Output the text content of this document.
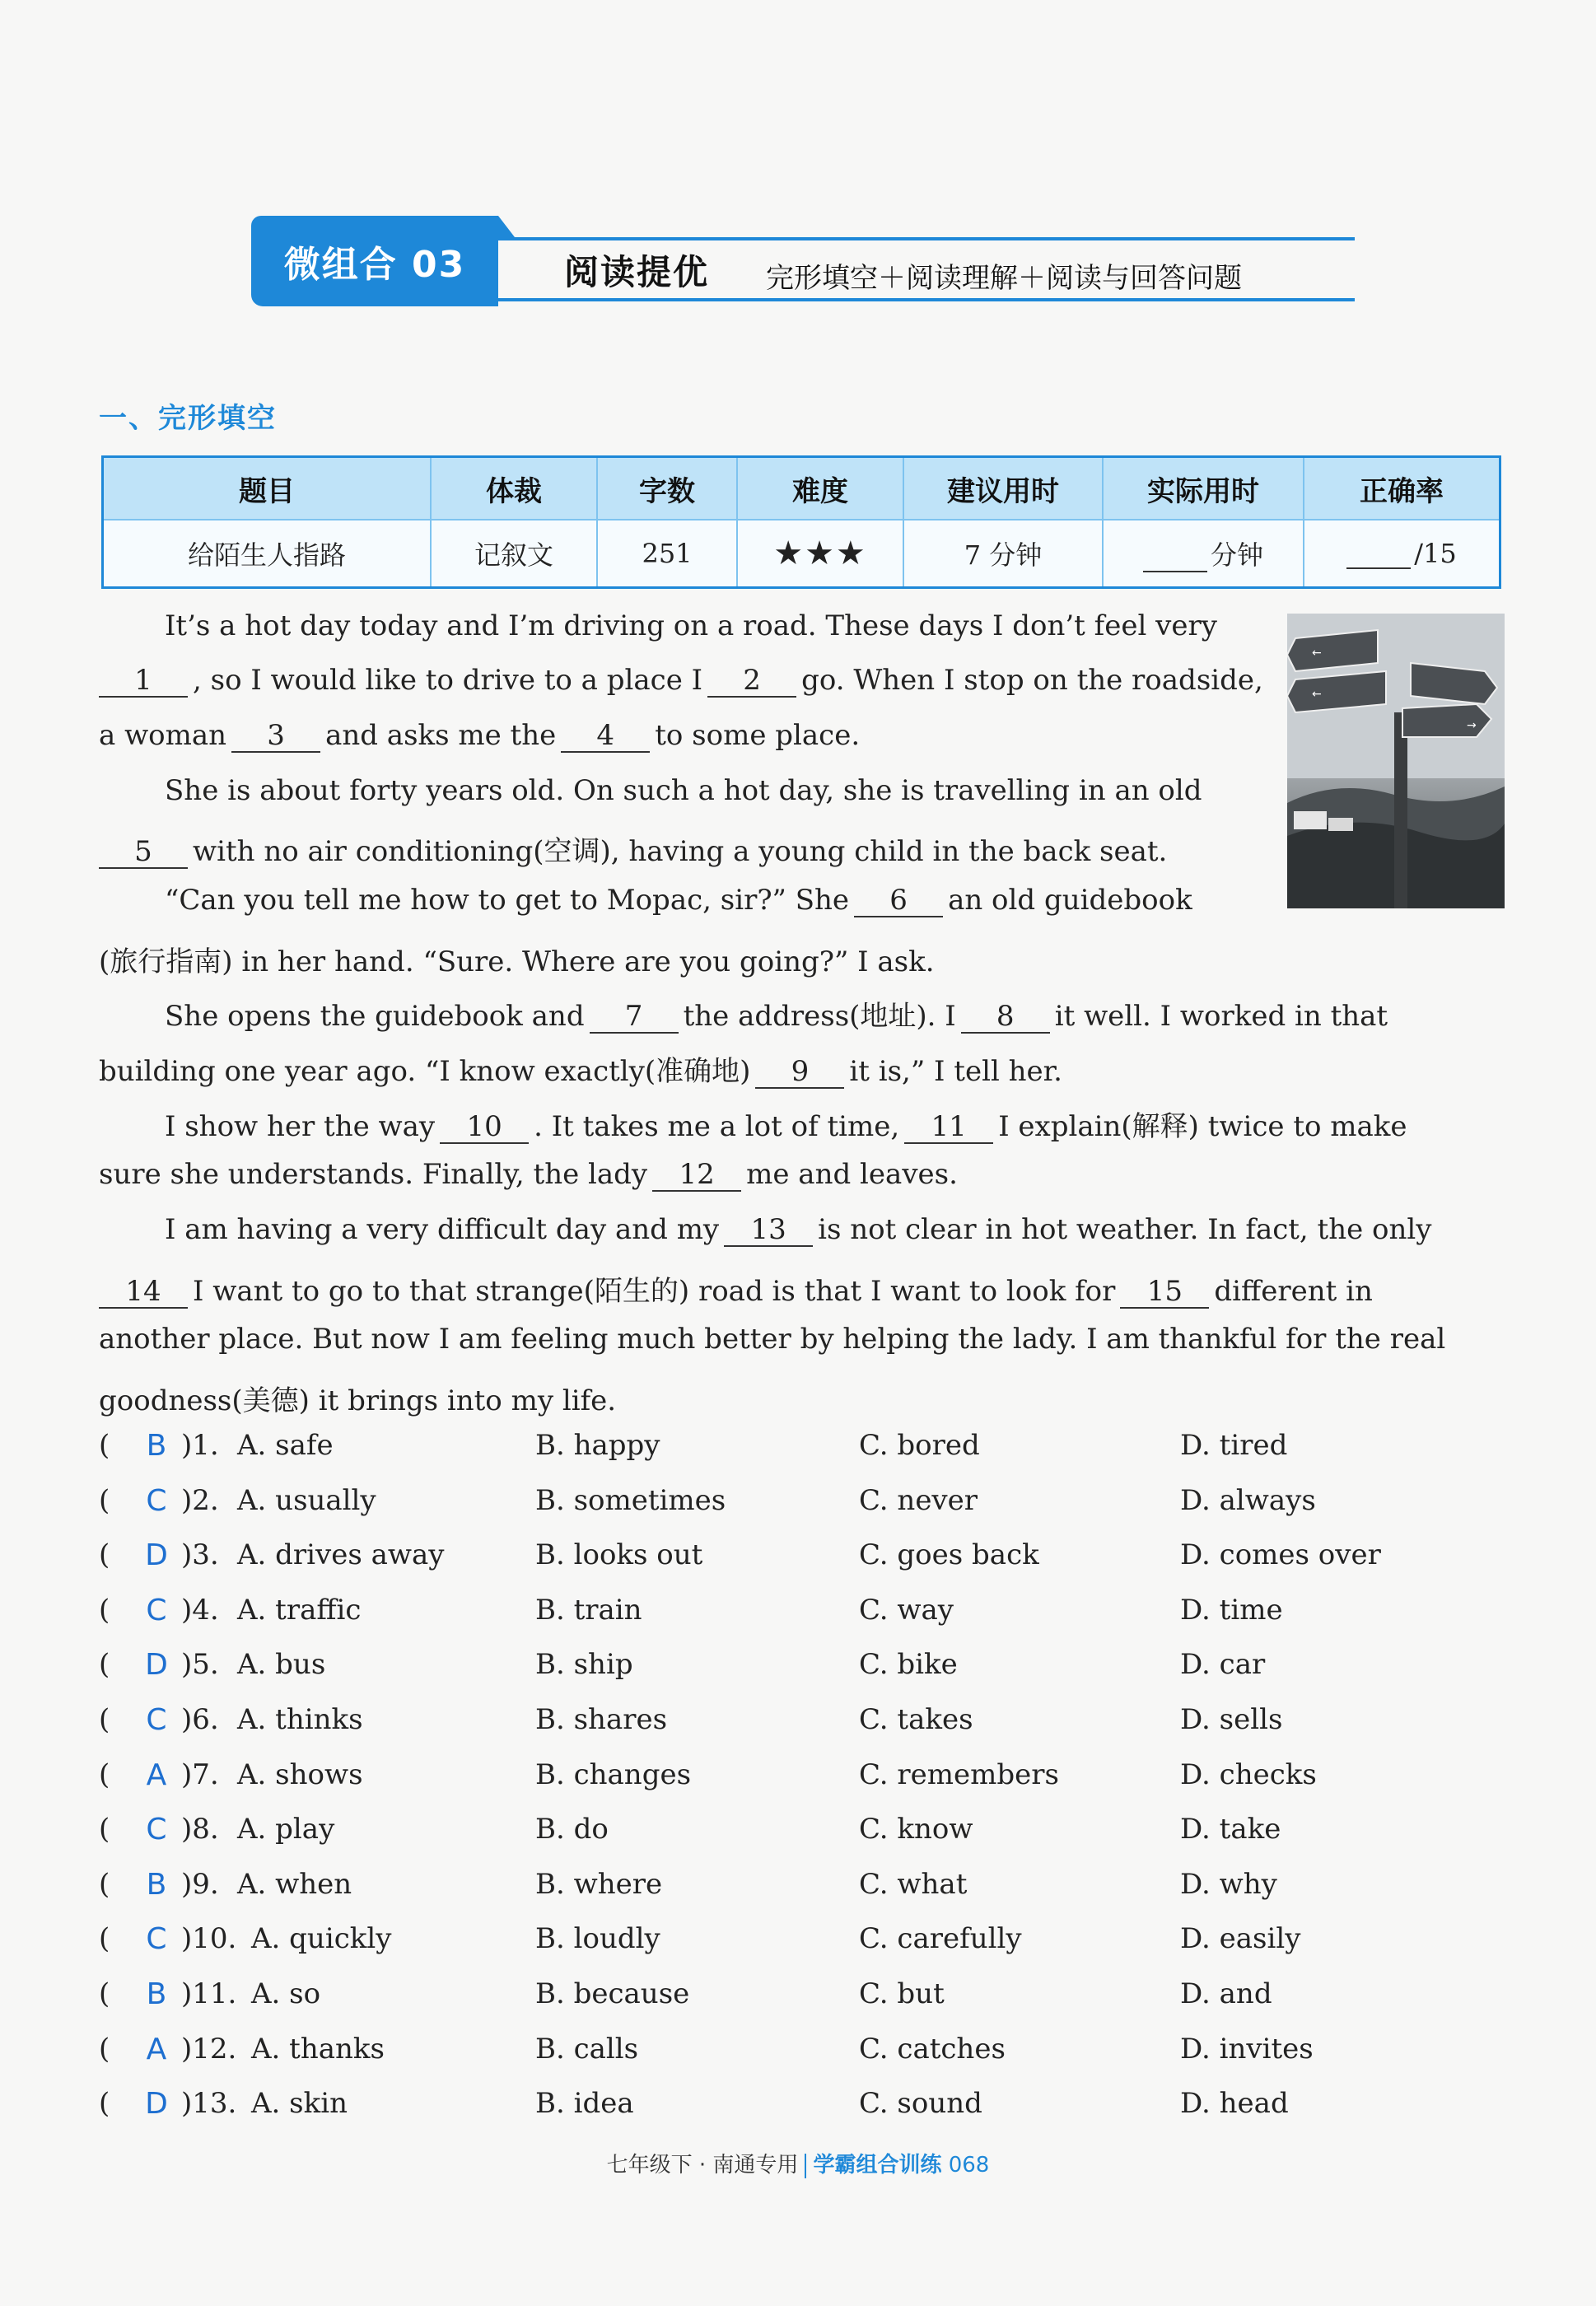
微组合 03	阅读提优 完形填空＋阅读理解＋阅读与回答问题
一、完形填空
题目	体裁	字数	难度	建议用时	实际用时	正确率
给陌生人指路	记叙文	251	★★★	7 分钟	分钟	/15
←
←
→
It’s a hot day today and I’m driving on a road. These days I don’t feel very
1 , so I would like to drive to a place I 2 go. When I stop on the roadside,
a woman 3 and asks me the 4 to some place.
She is about forty years old. On such a hot day, she is travelling in an old
5 with no air conditioning(空调), having a young child in the back seat.
“Can you tell me how to get to Mopac, sir?” She 6 an old guidebook
(旅行指南) in her hand. “Sure. Where are you going?” I ask.
She opens the guidebook and 7 the address(地址). I 8 it well. I worked in that
building one year ago. “I know exactly(准确地) 9 it is,” I tell her.
I show her the way 10 . It takes me a lot of time, 11 I explain(解释) twice to make
sure she understands. Finally, the lady 12 me and leaves.
I am having a very difficult day and my 13 is not clear in hot weather. In fact, the only
14 I want to go to that strange(陌生的) road is that I want to look for 15 different in
another place. But now I am feeling much better by helping the lady. I am thankful for the real
goodness(美德) it brings into my life.
(	B )1. A. safe	B. happy	C. bored	D. tired
(	C )2. A. usually	B. sometimes	C. never	D. always
(	D )3. A. drives away	B. looks out	C. goes back	D. comes over
(	C )4. A. traffic	B. train	C. way	D. time
(	D )5. A. bus	B. ship	C. bike	D. car
(	C )6. A. thinks	B. shares	C. takes	D. sells
(	A )7. A. shows	B. changes	C. remembers	D. checks
(	C )8. A. play	B. do	C. know	D. take
(	B )9. A. when	B. where	C. what	D. why
(	C )10. A. quickly	B. loudly	C. carefully	D. easily
(	B )11. A. so	B. because	C. but	D. and
(	A )12. A. thanks	B. calls	C. catches	D. invites
(	D )13. A. skin	B. idea	C. sound	D. head
七年级下 · 南通专用 学霸组合训练 068
